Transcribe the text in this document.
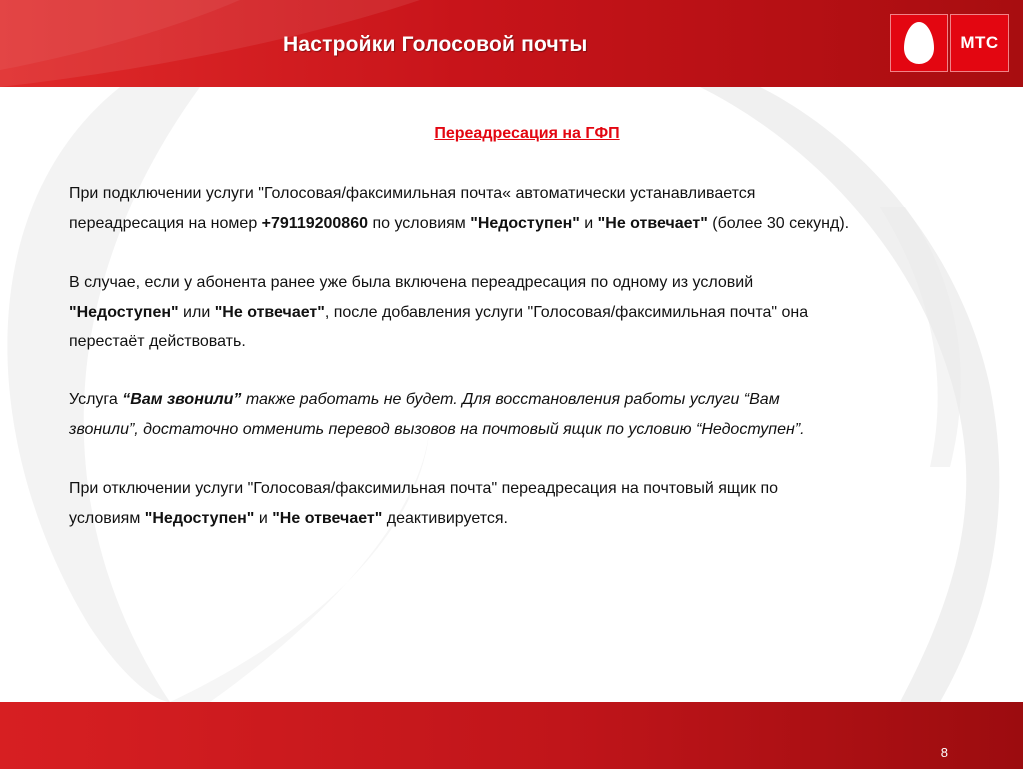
Настройки Голосовой почты	МТС
Переадресация на ГФП
При подключении услуги "Голосовая/факсимильная почта« автоматически устанавливается
переадресация на номер +79119200860 по условиям "Недоступен" и "Не отвечает" (более 30 секунд).
В случае, если у абонента ранее уже была включена переадресация по одному из условий
"Недоступен" или "Не отвечает", после добавления услуги "Голосовая/факсимильная почта" она
перестаёт действовать.
Услуга “Вам звонили” также работать не будет. Для восстановления работы услуги “Вам
звонили”, достаточно отменить перевод вызовов на почтовый ящик по условию “Недоступен”.
При отключении услуги "Голосовая/факсимильная почта" переадресация на почтовый ящик по
условиям "Недоступен" и "Не отвечает" деактивируется.
8
